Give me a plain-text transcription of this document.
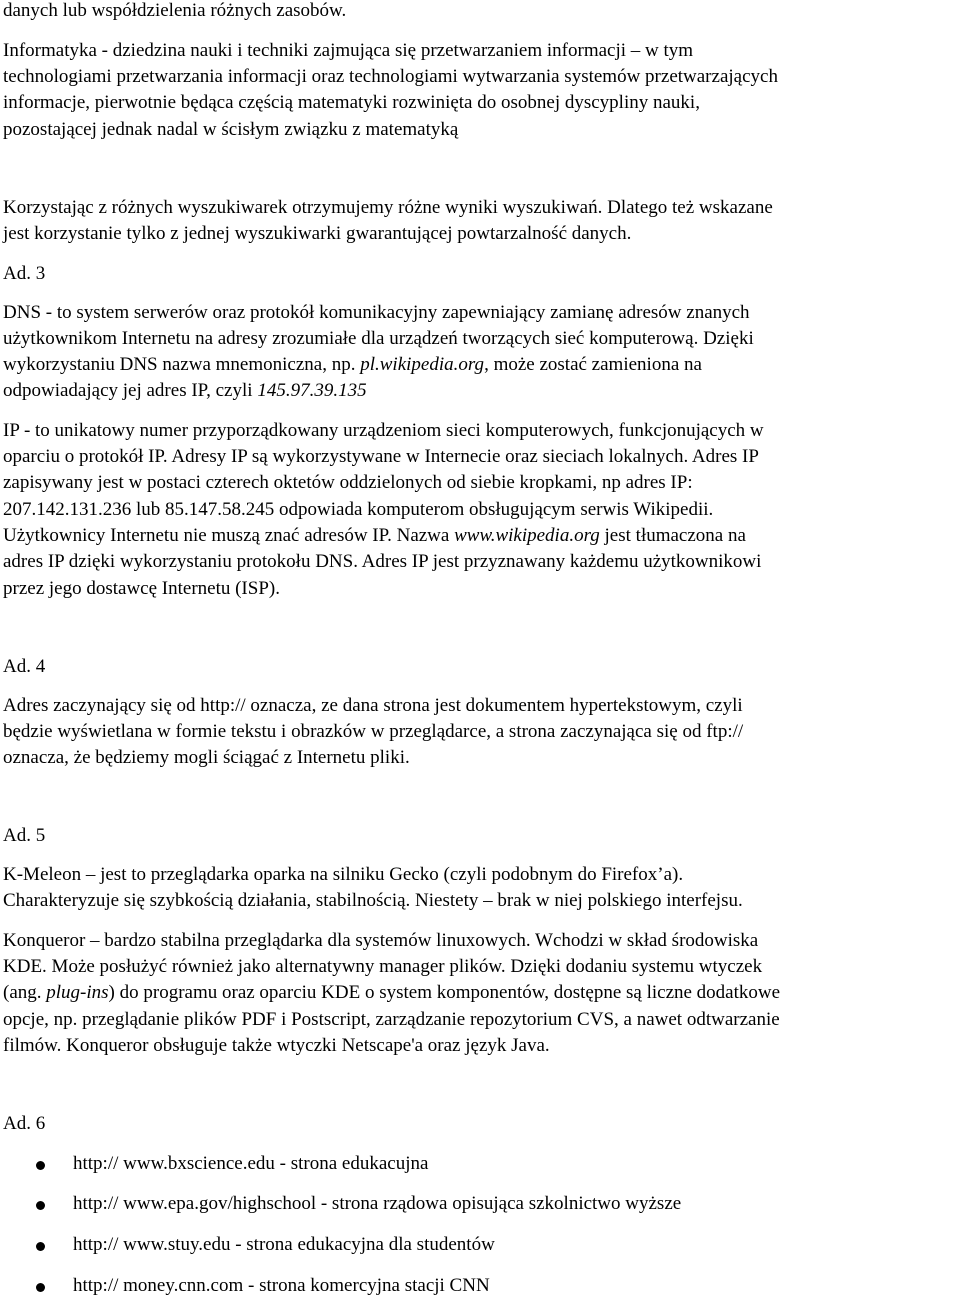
danych lub współdzielenia różnych zasobów.
Informatyka - dziedzina nauki i techniki zajmująca się przetwarzaniem informacji – w tym
technologiami przetwarzania informacji oraz technologiami wytwarzania systemów przetwarzających
informacje, pierwotnie będąca częścią matematyki rozwinięta do osobnej dyscypliny nauki,
pozostającej jednak nadal w ścisłym związku z matematyką
Korzystając z różnych wyszukiwarek otrzymujemy różne wyniki wyszukiwań. Dlatego też wskazane
jest korzystanie tylko z jednej wyszukiwarki gwarantującej powtarzalność danych.
Ad. 3
DNS - to system serwerów oraz protokół komunikacyjny zapewniający zamianę adresów znanych
użytkownikom Internetu na adresy zrozumiałe dla urządzeń tworzących sieć komputerową. Dzięki
wykorzystaniu DNS nazwa mnemoniczna, np. pl.wikipedia.org, może zostać zamieniona na
odpowiadający jej adres IP, czyli 145.97.39.135
IP - to unikatowy numer przyporządkowany urządzeniom sieci komputerowych, funkcjonujących w
oparciu o protokół IP. Adresy IP są wykorzystywane w Internecie oraz sieciach lokalnych. Adres IP
zapisywany jest w postaci czterech oktetów oddzielonych od siebie kropkami, np adres IP:
207.142.131.236 lub 85.147.58.245 odpowiada komputerom obsługującym serwis Wikipedii.
Użytkownicy Internetu nie muszą znać adresów IP. Nazwa www.wikipedia.org jest tłumaczona na
adres IP dzięki wykorzystaniu protokołu DNS. Adres IP jest przyznawany każdemu użytkownikowi
przez jego dostawcę Internetu (ISP).
Ad. 4
Adres zaczynający się od http:// oznacza, ze dana strona jest dokumentem hypertekstowym, czyli
będzie wyświetlana w formie tekstu i obrazków w przeglądarce, a strona zaczynająca się od ftp://
oznacza, że będziemy mogli ściągać z Internetu pliki.
Ad. 5
K-Meleon – jest to przeglądarka oparka na silniku Gecko (czyli podobnym do Firefox’a).
Charakteryzuje się szybkością działania, stabilnością. Niestety – brak w niej polskiego interfejsu.
Konqueror – bardzo stabilna przeglądarka dla systemów linuxowych. Wchodzi w skład środowiska
KDE. Może posłużyć również jako alternatywny manager plików. Dzięki dodaniu systemu wtyczek
(ang. plug-ins) do programu oraz oparciu KDE o system komponentów, dostępne są liczne dodatkowe
opcje, np. przeglądanie plików PDF i Postscript, zarządzanie repozytorium CVS, a nawet odtwarzanie
filmów. Konqueror obsługuje także wtyczki Netscape'a oraz język Java.
Ad. 6
http:// www.bxscience.edu - strona edukacujna
http:// www.epa.gov/highschool - strona rządowa opisująca szkolnictwo wyższe
http:// www.stuy.edu - strona edukacyjna dla studentów
http:// money.cnn.com - strona komercyjna stacji CNN
